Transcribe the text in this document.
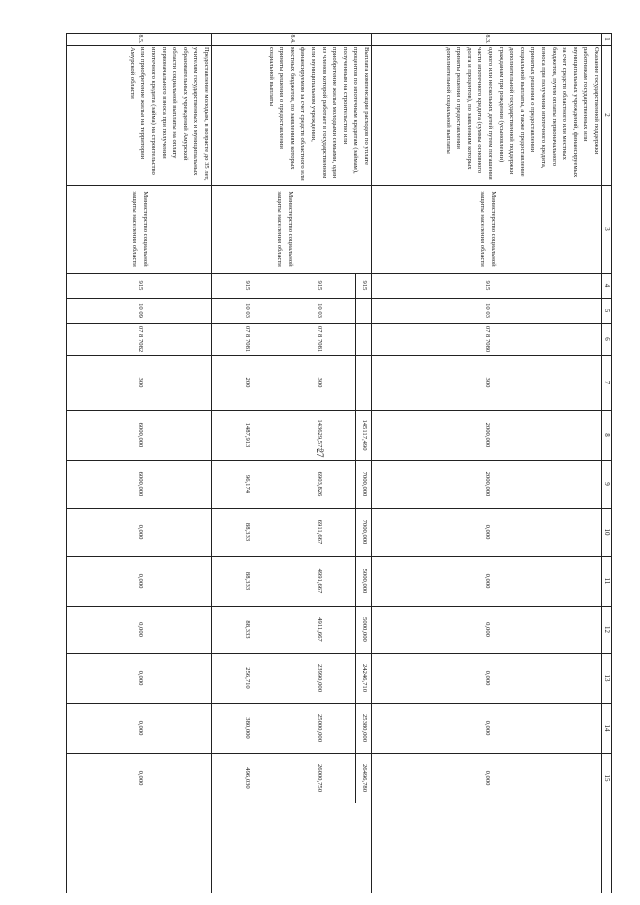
27
1
2
3
4
5
6
7
8
9
10
11
12
13
14
15
8.3.
Оказание государственной поддержки работникам государственных или муниципальных учреждений, финансируемых за счет средств областного или местных бюджетов, путем оплаты первоначального взноса при получении ипотечного кредита, принятых решения о предоставлении социальной выплаты, а также предоставление дополнительной государственной поддержки гражданам при рождении (усыновлении) одного или нескольких детей путем погашения части ипотечного кредита (суммы основного долга и процентов), по заявлениям которых приняты решения о предоставлении дополнительной социальной выплаты
Министерство социальной защиты населения области
915
10 03
07 8 7080
300
2000,000
2000,000
0,000
0,000
0,000
0,000
0,000
0,000
8.4.
Выплата компенсации расходов по уплате процентов по ипотечным кредитам (займам), полученным на строительство или приобретение жилья молодыми семьями, один из членов которой работает в государственном или муниципальном учреждении, финансируемом за счет средств областного или местных бюджетов, по заявлениям которых приняты решения о предоставлении социальной выплаты
Министерство социальной защиты населения области
915
145117,490
7000,000
7000,000
5000,000
5000,000
24246,710
25380,000
26496,780
915
10 03
07 8 7081
300
143629,577
6903,826
6911,667
4991,667
4911,667
23990,000
25000,000
26000,750
915
10 03
07 8 7081
200
1487,913
96,174
88,333
88,333
88,333
256,710
380,000
496,030
8.5.
Предоставление молодым, в возрасте до 35 лет, учителям государственных и муниципальных образовательных учреждений Амурской области социальной выплаты на оплату первоначального взноса при получении ипотечного кредита (займа) на строительство или приобретение жилья на территории Амурской области
Министерство социальной защиты населения области
915
10 09
07 8 7082
300
6000,000
6000,000
0,000
0,000
0,000
0,000
0,000
0,000
